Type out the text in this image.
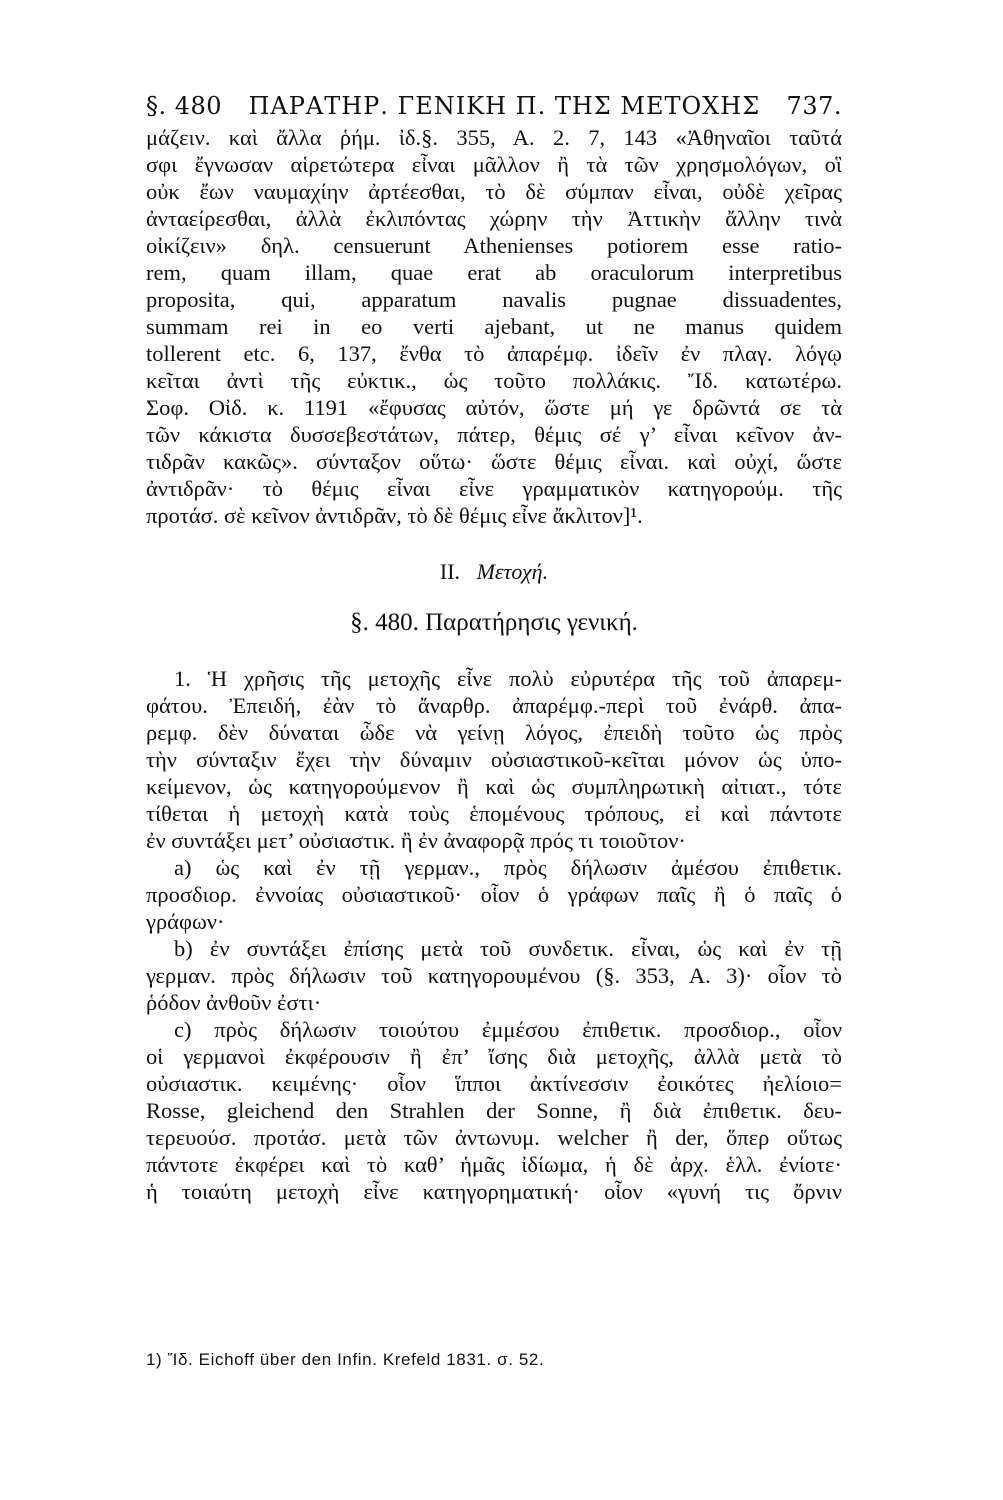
§. 480 ΠΑΡΑΤΗΡ. ΓΕΝΙΚΗ Π. ΤΗΣ ΜΕΤΟΧΗΣ 737.
μάζειν. καὶ ἄλλα ῥήμ. ἰδ.§. 355, Α. 2. 7, 143 «Ἀθηναῖοι ταῦτά
σφι ἔγνωσαν αἱρετώτερα εἶναι μᾶλλον ἢ τὰ τῶν χρησμολόγων, οἳ
οὐκ ἔων ναυμαχίην ἀρτέεσθαι, τὸ δὲ σύμπαν εἶναι, οὐδὲ χεῖρας
ἀνταείρεσθαι, ἀλλὰ ἐκλιπόντας χώρην τὴν Ἀττικὴν ἄλλην τινὰ
οἰκίζειν» δηλ. censuerunt Athenienses potiorem esse ratio-
rem, quam illam, quae erat ab oraculorum interpretibus
proposita, qui, apparatum navalis pugnae dissuadentes,
summam rei in eo verti ajebant, ut ne manus quidem
tollerent etc. 6, 137, ἔνθα τὸ ἀπαρέμφ. ἰδεῖν ἐν πλαγ. λόγῳ
κεῖται ἀντὶ τῆς εὐκτικ., ὡς τοῦτο πολλάκις. Ἴδ. κατωτέρω.
Σοφ. Οἰδ. κ. 1191 «ἔφυσας αὐτόν, ὥστε μή γε δρῶντά σε τὰ
τῶν κάκιστα δυσσεβεστάτων, πάτερ, θέμις σέ γ’ εἶναι κεῖνον ἀν-
τιδρᾶν κακῶς». σύνταξον οὕτω· ὥστε θέμις εἶναι. καὶ οὐχί, ὥστε
ἀντιδρᾶν· τὸ θέμις εἶναι εἶνε γραμματικὸν κατηγορούμ. τῆς
προτάσ. σὲ κεῖνον ἀντιδρᾶν, τὸ δὲ θέμις εἶνε ἄκλιτον]¹.
II. Μετοχή.
§. 480. Παρατήρησις γενική.
1. Ἡ χρῆσις τῆς μετοχῆς εἶνε πολὺ εὐρυτέρα τῆς τοῦ ἀπαρεμ-
φάτου. Ἐπειδή, ἐὰν τὸ ἄναρθρ. ἀπαρέμφ.-περὶ τοῦ ἐνάρθ. ἀπα-
ρεμφ. δὲν δύναται ὧδε νὰ γείνῃ λόγος, ἐπειδὴ τοῦτο ὡς πρὸς
τὴν σύνταξιν ἔχει τὴν δύναμιν οὐσιαστικοῦ-κεῖται μόνον ὡς ὑπο-
κείμενον, ὡς κατηγορούμενον ἢ καὶ ὡς συμπληρωτικὴ αἰτιατ., τότε
τίθεται ἡ μετοχὴ κατὰ τοὺς ἑπομένους τρόπους, εἰ καὶ πάντοτε
ἐν συντάξει μετ’ οὐσιαστικ. ἢ ἐν ἀναφορᾷ πρός τι τοιοῦτον·
a) ὡς καὶ ἐν τῇ γερμαν., πρὸς δήλωσιν ἀμέσου ἐπιθετικ.
προσδιορ. ἐννοίας οὐσιαστικοῦ· οἷον ὁ γράφων παῖς ἢ ὁ παῖς ὁ
γράφων·
b) ἐν συντάξει ἐπίσης μετὰ τοῦ συνδετικ. εἶναι, ὡς καὶ ἐν τῇ
γερμαν. πρὸς δήλωσιν τοῦ κατηγορουμένου (§. 353, Α. 3)· οἷον τὸ
ῥόδον ἀνθοῦν ἐστι·
c) πρὸς δήλωσιν τοιούτου ἐμμέσου ἐπιθετικ. προσδιορ., οἷον
οἱ γερμανοὶ ἐκφέρουσιν ἢ ἐπ’ ἴσης διὰ μετοχῆς, ἀλλὰ μετὰ τὸ
οὐσιαστικ. κειμένης· οἷον ἵπποι ἀκτίνεσσιν ἐοικότες ἠελίοιο=
Rosse, gleichend den Strahlen der Sonne, ἢ διὰ ἐπιθετικ. δευ-
τερευούσ. προτάσ. μετὰ τῶν ἀντωνυμ. welcher ἢ der, ὅπερ οὕτως
πάντοτε ἐκφέρει καὶ τὸ καθ’ ἡμᾶς ἰδίωμα, ἡ δὲ ἀρχ. ἑλλ. ἐνίοτε·
ἡ τοιαύτη μετοχὴ εἶνε κατηγορηματική· οἷον «γυνή τις ὄρνιν
1) Ἴδ. Eichoff über den Infin. Krefeld 1831. σ. 52.
